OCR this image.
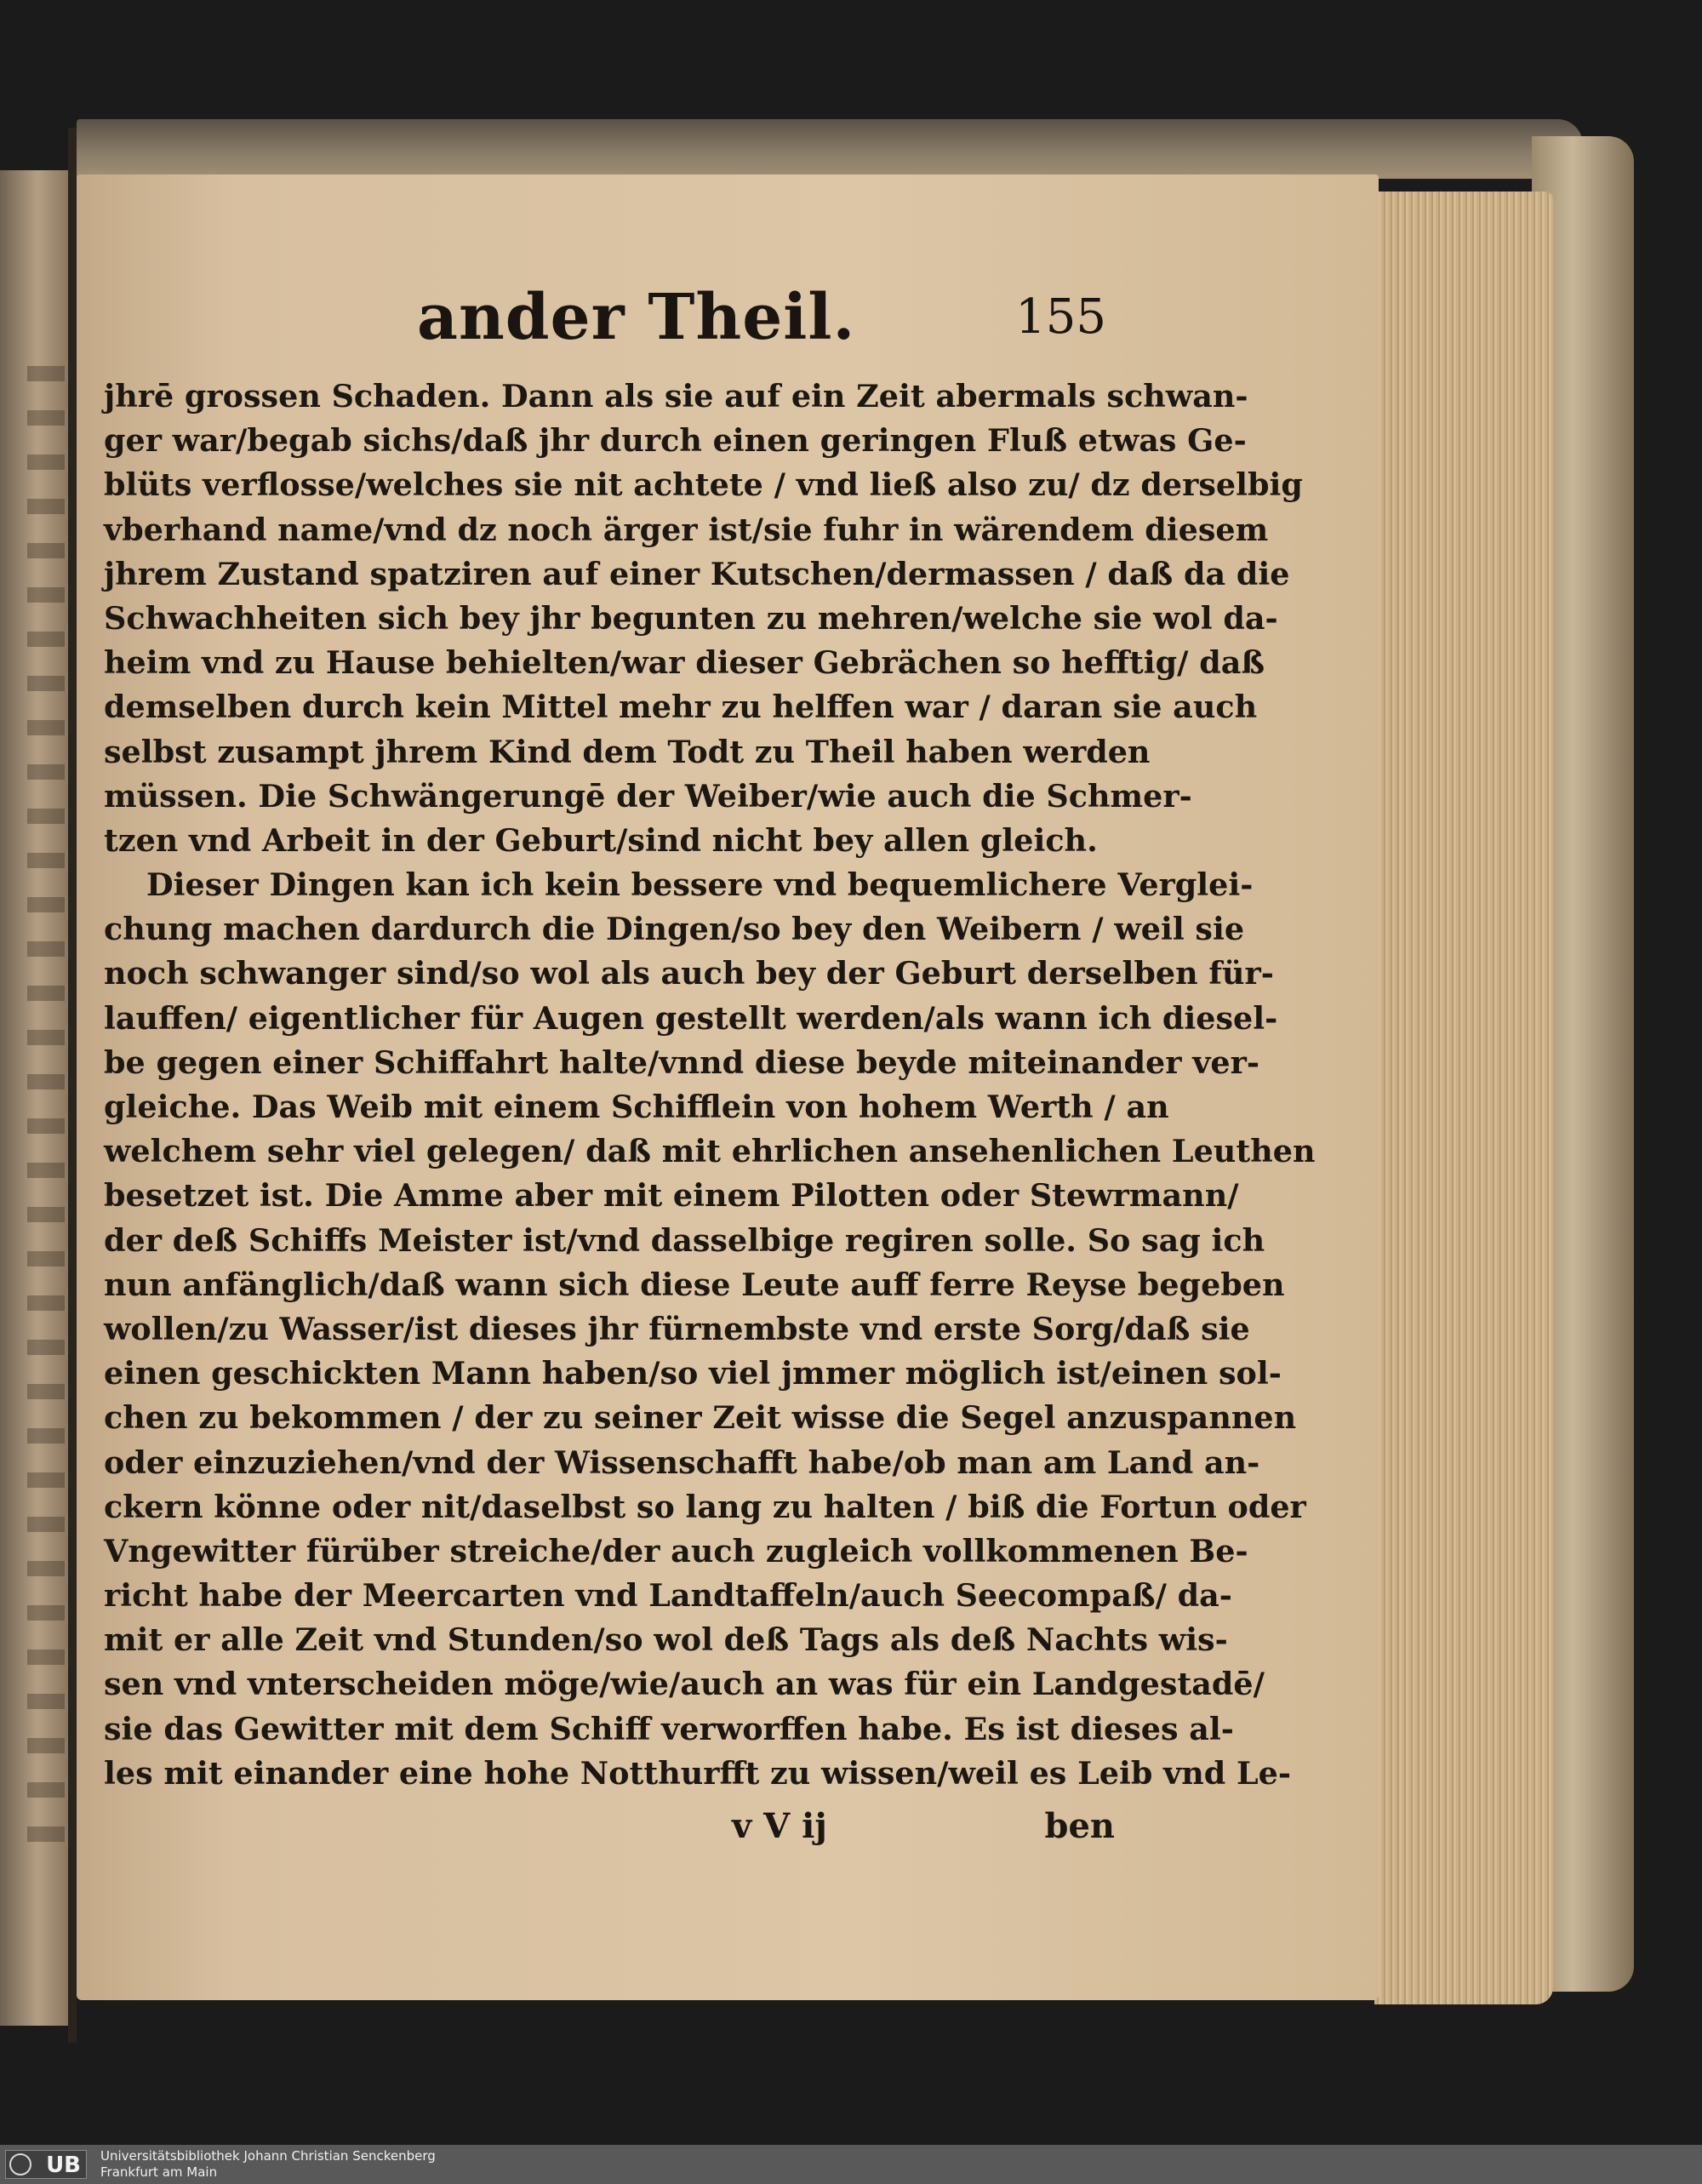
ander Theil.	155
jhrē grossen Schaden. Dann als sie auf ein Zeit abermals schwan-
ger war/begab sichs/daß jhr durch einen geringen Fluß etwas Ge-
blüts verflosse/welches sie nit achtete / vnd ließ also zu/ dz derselbig
vberhand name/vnd dz noch ärger ist/sie fuhr in wärendem diesem
jhrem Zustand spatziren auf einer Kutschen/dermassen / daß da die
Schwachheiten sich bey jhr begunten zu mehren/welche sie wol da-
heim vnd zu Hause behielten/war dieser Gebrächen so hefftig/ daß
demselben durch kein Mittel mehr zu helffen war / daran sie auch
selbst zusampt jhrem Kind dem Todt zu Theil haben werden
müssen. Die Schwängerungē der Weiber/wie auch die Schmer-
tzen vnd Arbeit in der Geburt/sind nicht bey allen gleich.
Dieser Dingen kan ich kein bessere vnd bequemlichere Verglei-
chung machen dardurch die Dingen/so bey den Weibern / weil sie
noch schwanger sind/so wol als auch bey der Geburt derselben für-
lauffen/ eigentlicher für Augen gestellt werden/als wann ich diesel-
be gegen einer Schiffahrt halte/vnnd diese beyde miteinander ver-
gleiche. Das Weib mit einem Schifflein von hohem Werth / an
welchem sehr viel gelegen/ daß mit ehrlichen ansehenlichen Leuthen
besetzet ist. Die Amme aber mit einem Pilotten oder Stewrmann/
der deß Schiffs Meister ist/vnd dasselbige regiren solle. So sag ich
nun anfänglich/daß wann sich diese Leute auff ferre Reyse begeben
wollen/zu Wasser/ist dieses jhr fürnembste vnd erste Sorg/daß sie
einen geschickten Mann haben/so viel jmmer möglich ist/einen sol-
chen zu bekommen / der zu seiner Zeit wisse die Segel anzuspannen
oder einzuziehen/vnd der Wissenschafft habe/ob man am Land an-
ckern könne oder nit/daselbst so lang zu halten / biß die Fortun oder
Vngewitter fürüber streiche/der auch zugleich vollkommenen Be-
richt habe der Meercarten vnd Landtaffeln/auch Seecompaß/ da-
mit er alle Zeit vnd Stunden/so wol deß Tags als deß Nachts wis-
sen vnd vnterscheiden möge/wie/auch an was für ein Landgestadē/
sie das Gewitter mit dem Schiff verworffen habe. Es ist dieses al-
les mit einander eine hohe Notthurfft zu wissen/weil es Leib vnd Le-
v V ij	ben
UB	Universitätsbibliothek Johann Christian Senckenberg
Frankfurt am Main
